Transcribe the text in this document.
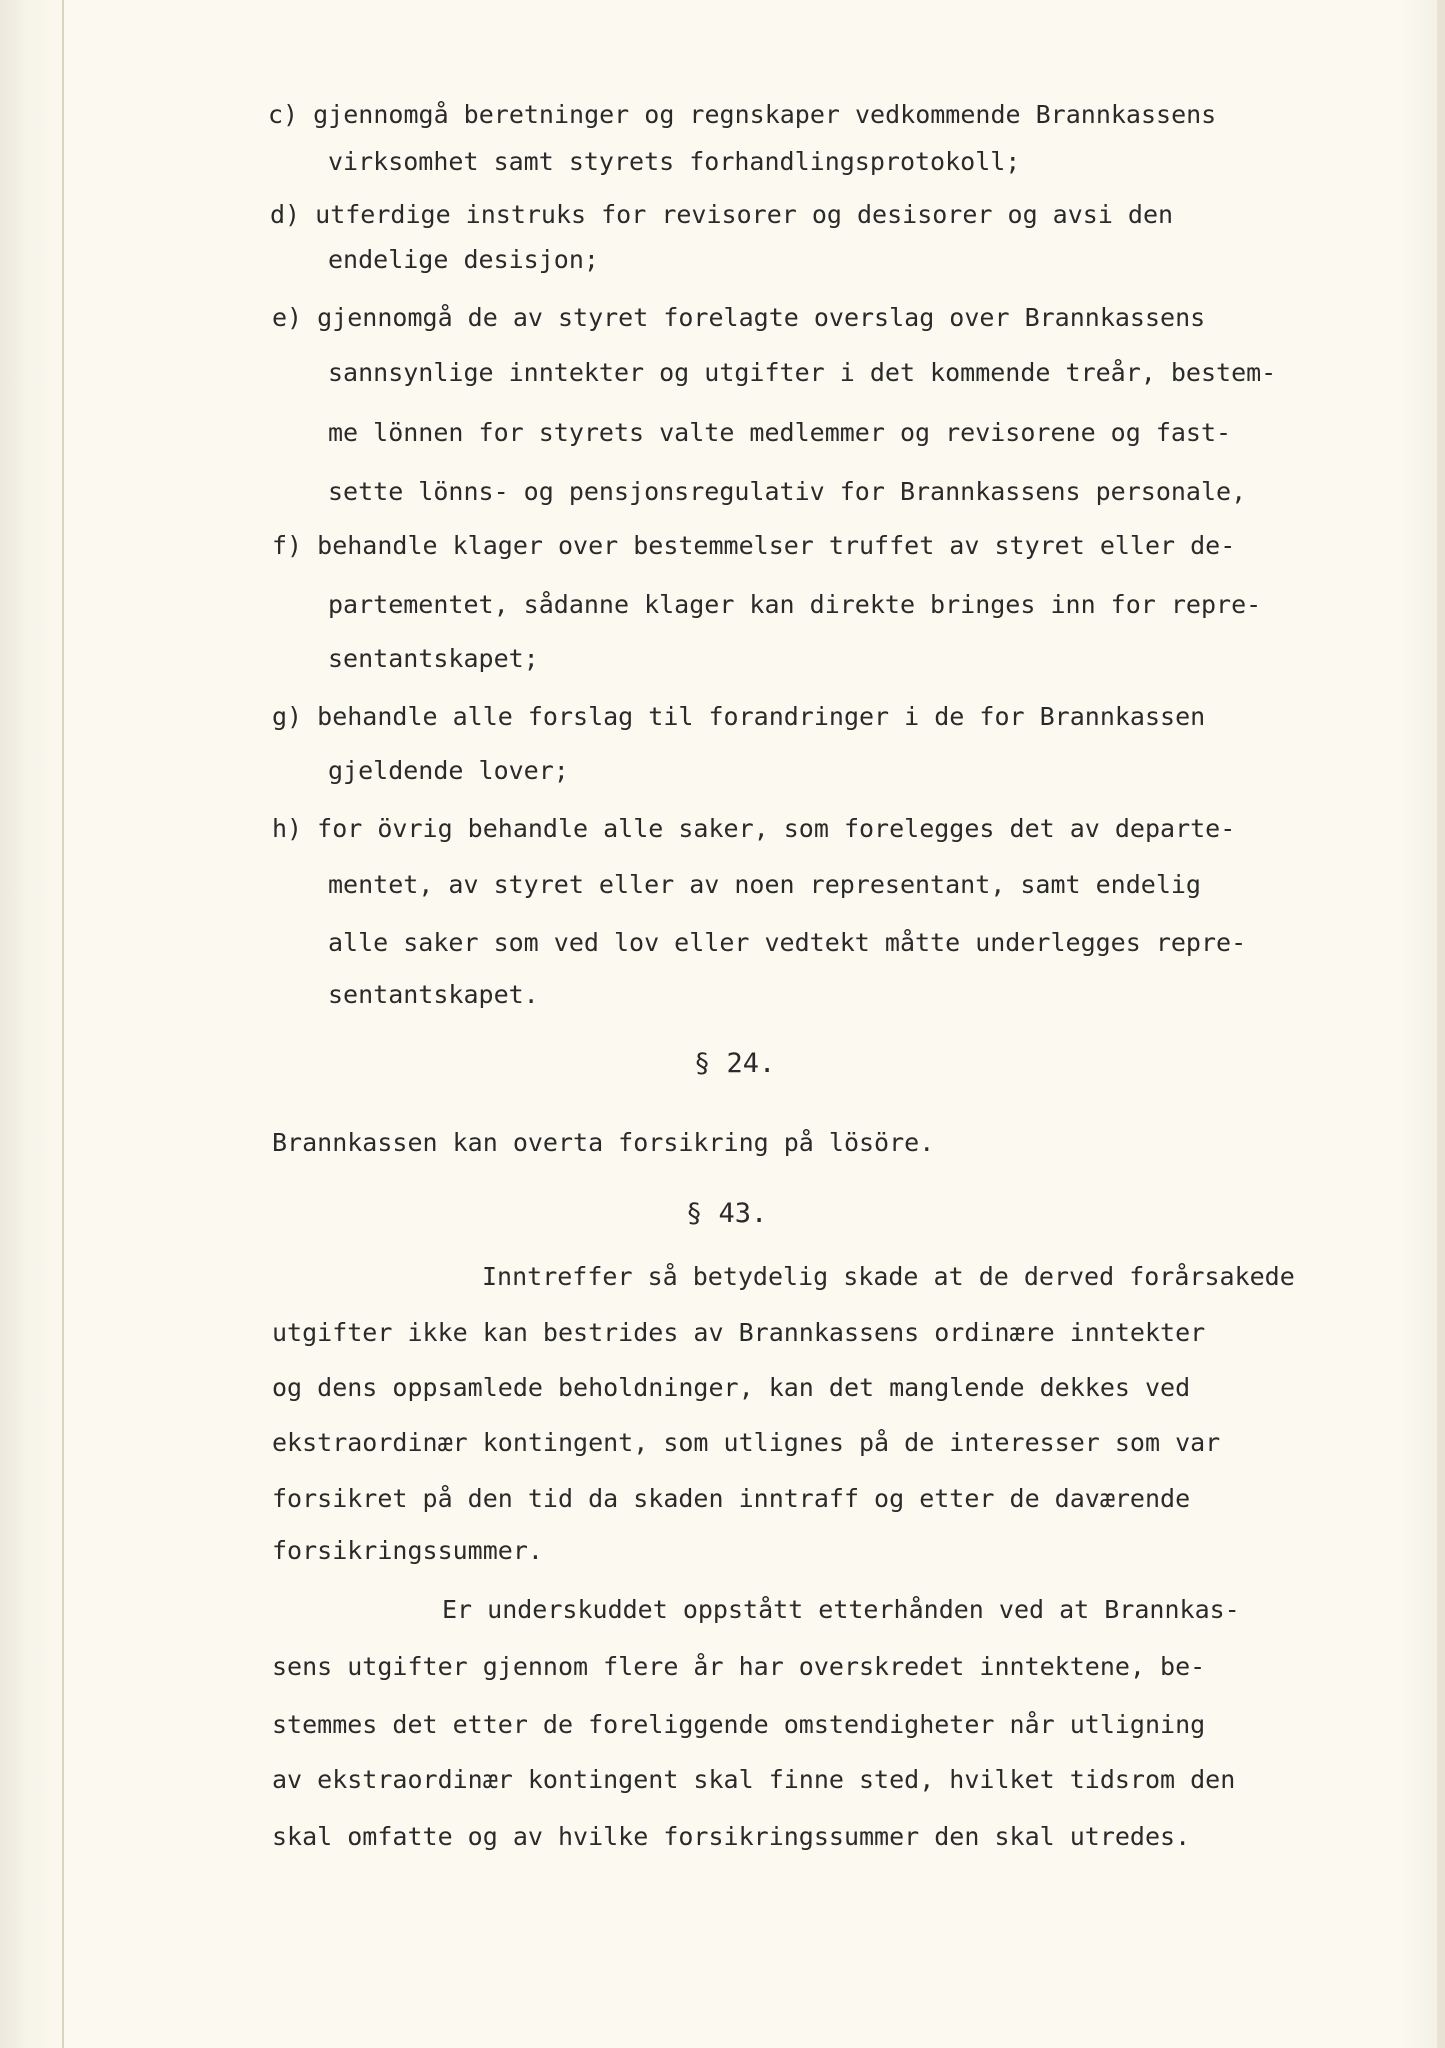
c) gjennomgå beretninger og regnskaper vedkommende Brannkassens
virksomhet samt styrets forhandlingsprotokoll;
d) utferdige instruks for revisorer og desisorer og avsi den
endelige desisjon;
e) gjennomgå de av styret forelagte overslag over Brannkassens
sannsynlige inntekter og utgifter i det kommende treår, bestem-
me lönnen for styrets valte medlemmer og revisorene og fast-
sette lönns- og pensjonsregulativ for Brannkassens personale,
f) behandle klager over bestemmelser truffet av styret eller de-
partementet, sådanne klager kan direkte bringes inn for repre-
sentantskapet;
g) behandle alle forslag til forandringer i de for Brannkassen
gjeldende lover;
h) for övrig behandle alle saker, som forelegges det av departe-
mentet, av styret eller av noen representant, samt endelig
alle saker som ved lov eller vedtekt måtte underlegges repre-
sentantskapet.
§ 24.
Brannkassen kan overta forsikring på lösöre.
§ 43.
Inntreffer så betydelig skade at de derved forårsakede
utgifter ikke kan bestrides av Brannkassens ordinære inntekter
og dens oppsamlede beholdninger, kan det manglende dekkes ved
ekstraordinær kontingent, som utlignes på de interesser som var
forsikret på den tid da skaden inntraff og etter de daværende
forsikringssummer.
Er underskuddet oppstått etterhånden ved at Brannkas-
sens utgifter gjennom flere år har overskredet inntektene, be-
stemmes det etter de foreliggende omstendigheter når utligning
av ekstraordinær kontingent skal finne sted, hvilket tidsrom den
skal omfatte og av hvilke forsikringssummer den skal utredes.
